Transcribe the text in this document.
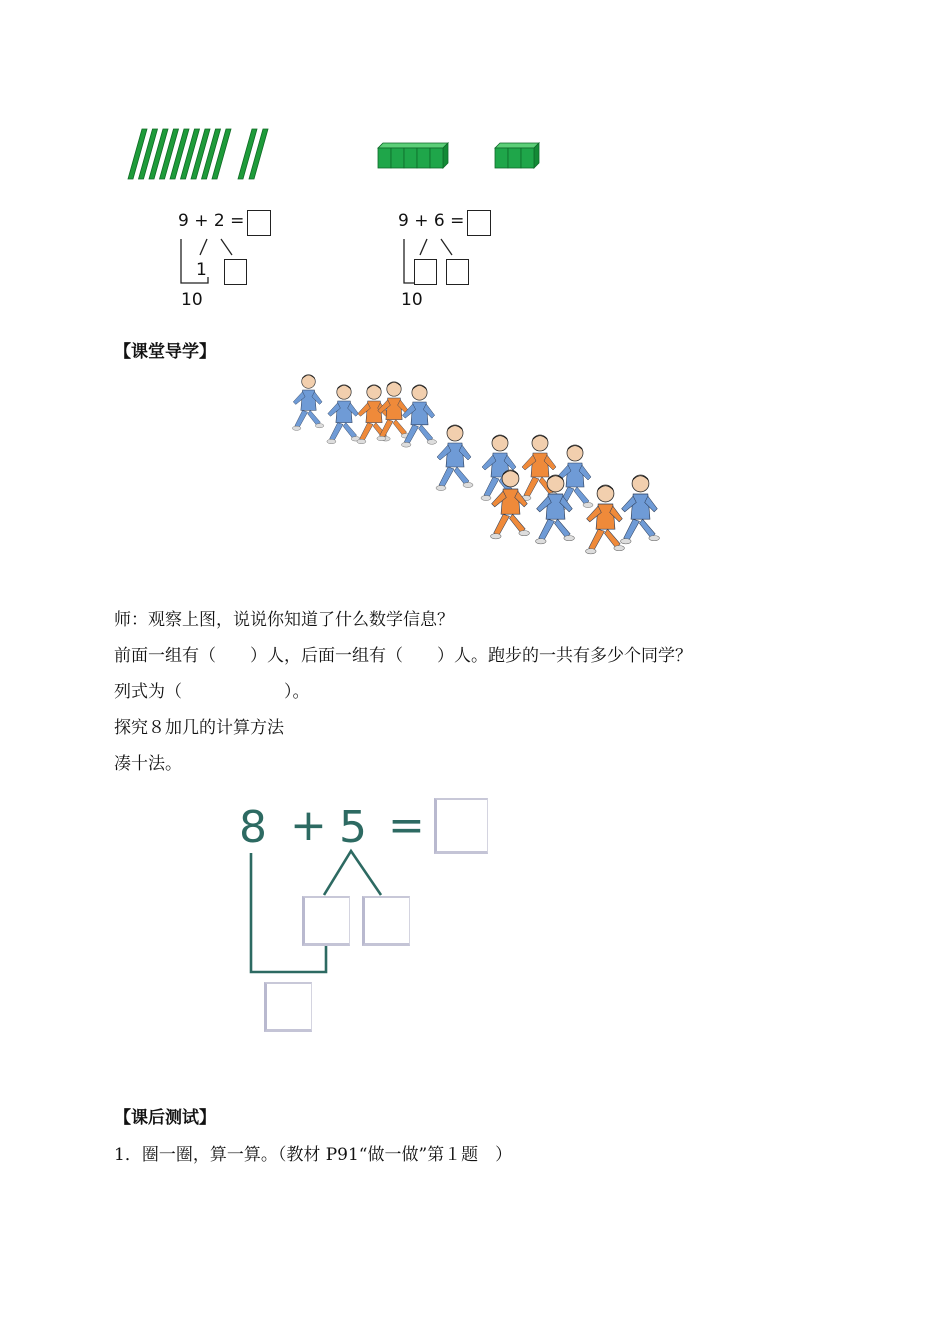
9 + 2 =
1
10
9 + 6 =
10
【课堂导学】
师：观察上图，说说你知道了什么数学信息？
前面一组有（　　）人，后面一组有（　　）人。跑步的一共有多少个同学？
列式为（　　　　　　）。
探究８加几的计算方法
凑十法。
8 + 5 =
【课后测试】
1．圈一圈，算一算。（教材 P91“做一做”第１题　）
